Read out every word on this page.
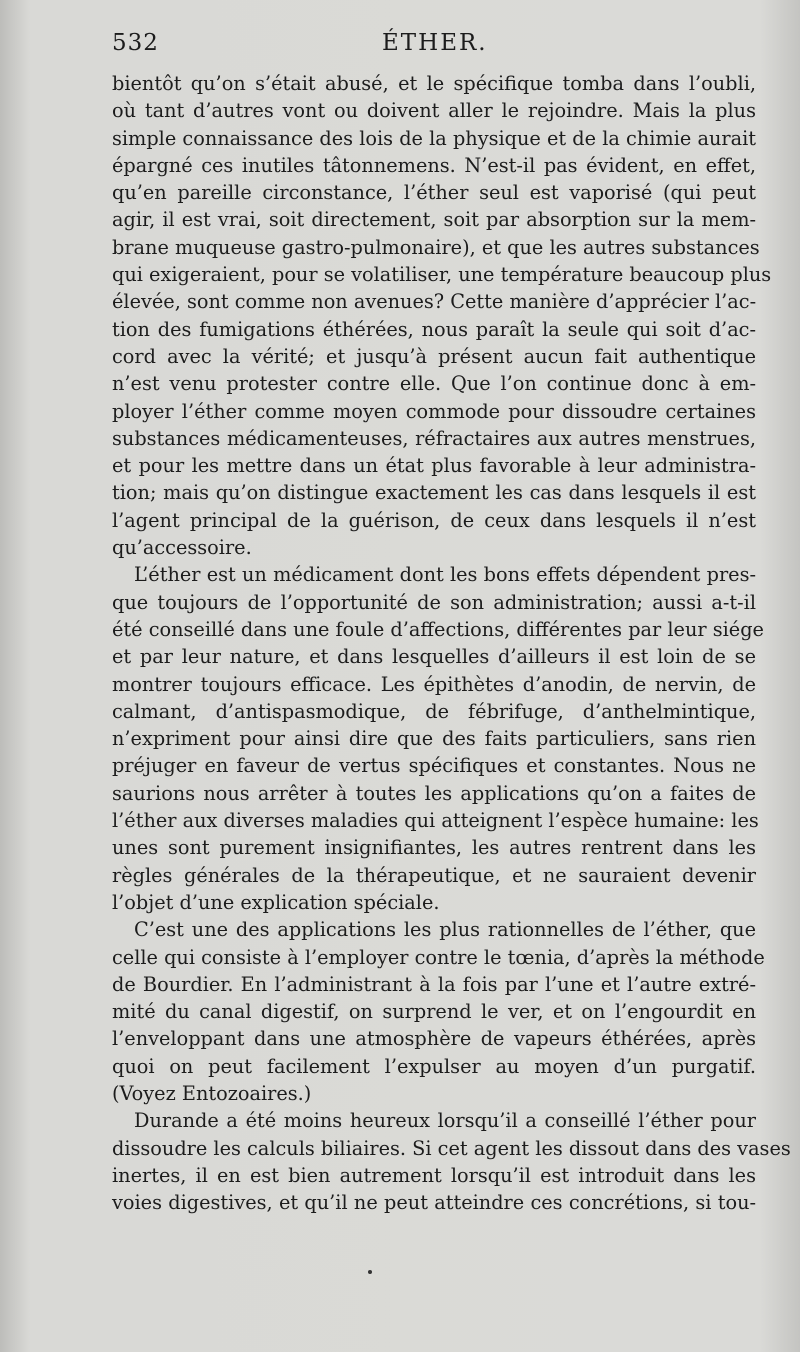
532	ÉTHER.
bientôt qu’on s’était abusé, et le spécifique tomba dans l’oubli,
où tant d’autres vont ou doivent aller le rejoindre. Mais la plus
simple connaissance des lois de la physique et de la chimie aurait
épargné ces inutiles tâtonnemens. N’est-il pas évident, en effet,
qu’en pareille circonstance, l’éther seul est vaporisé (qui peut
agir, il est vrai, soit directement, soit par absorption sur la mem-
brane muqueuse gastro-pulmonaire), et que les autres substances
qui exigeraient, pour se volatiliser, une température beaucoup plus
élevée, sont comme non avenues? Cette manière d’apprécier l’ac-
tion des fumigations éthérées, nous paraît la seule qui soit d’ac-
cord avec la vérité; et jusqu’à présent aucun fait authentique
n’est venu protester contre elle. Que l’on continue donc à em-
ployer l’éther comme moyen commode pour dissoudre certaines
substances médicamenteuses, réfractaires aux autres menstrues,
et pour les mettre dans un état plus favorable à leur administra-
tion; mais qu’on distingue exactement les cas dans lesquels il est
l’agent principal de la guérison, de ceux dans lesquels il n’est
qu’accessoire.
L’éther est un médicament dont les bons effets dépendent pres-
que toujours de l’opportunité de son administration; aussi a-t-il
été conseillé dans une foule d’affections, différentes par leur siége
et par leur nature, et dans lesquelles d’ailleurs il est loin de se
montrer toujours efficace. Les épithètes d’anodin, de nervin, de
calmant, d’antispasmodique, de fébrifuge, d’anthelmintique,
n’expriment pour ainsi dire que des faits particuliers, sans rien
préjuger en faveur de vertus spécifiques et constantes. Nous ne
saurions nous arrêter à toutes les applications qu’on a faites de
l’éther aux diverses maladies qui atteignent l’espèce humaine: les
unes sont purement insignifiantes, les autres rentrent dans les
règles générales de la thérapeutique, et ne sauraient devenir
l’objet d’une explication spéciale.
C’est une des applications les plus rationnelles de l’éther, que
celle qui consiste à l’employer contre le tœnia, d’après la méthode
de Bourdier. En l’administrant à la fois par l’une et l’autre extré-
mité du canal digestif, on surprend le ver, et on l’engourdit en
l’enveloppant dans une atmosphère de vapeurs éthérées, après
quoi on peut facilement l’expulser au moyen d’un purgatif.
(Voyez Entozoaires.)
Durande a été moins heureux lorsqu’il a conseillé l’éther pour
dissoudre les calculs biliaires. Si cet agent les dissout dans des vases
inertes, il en est bien autrement lorsqu’il est introduit dans les
voies digestives, et qu’il ne peut atteindre ces concrétions, si tou-
